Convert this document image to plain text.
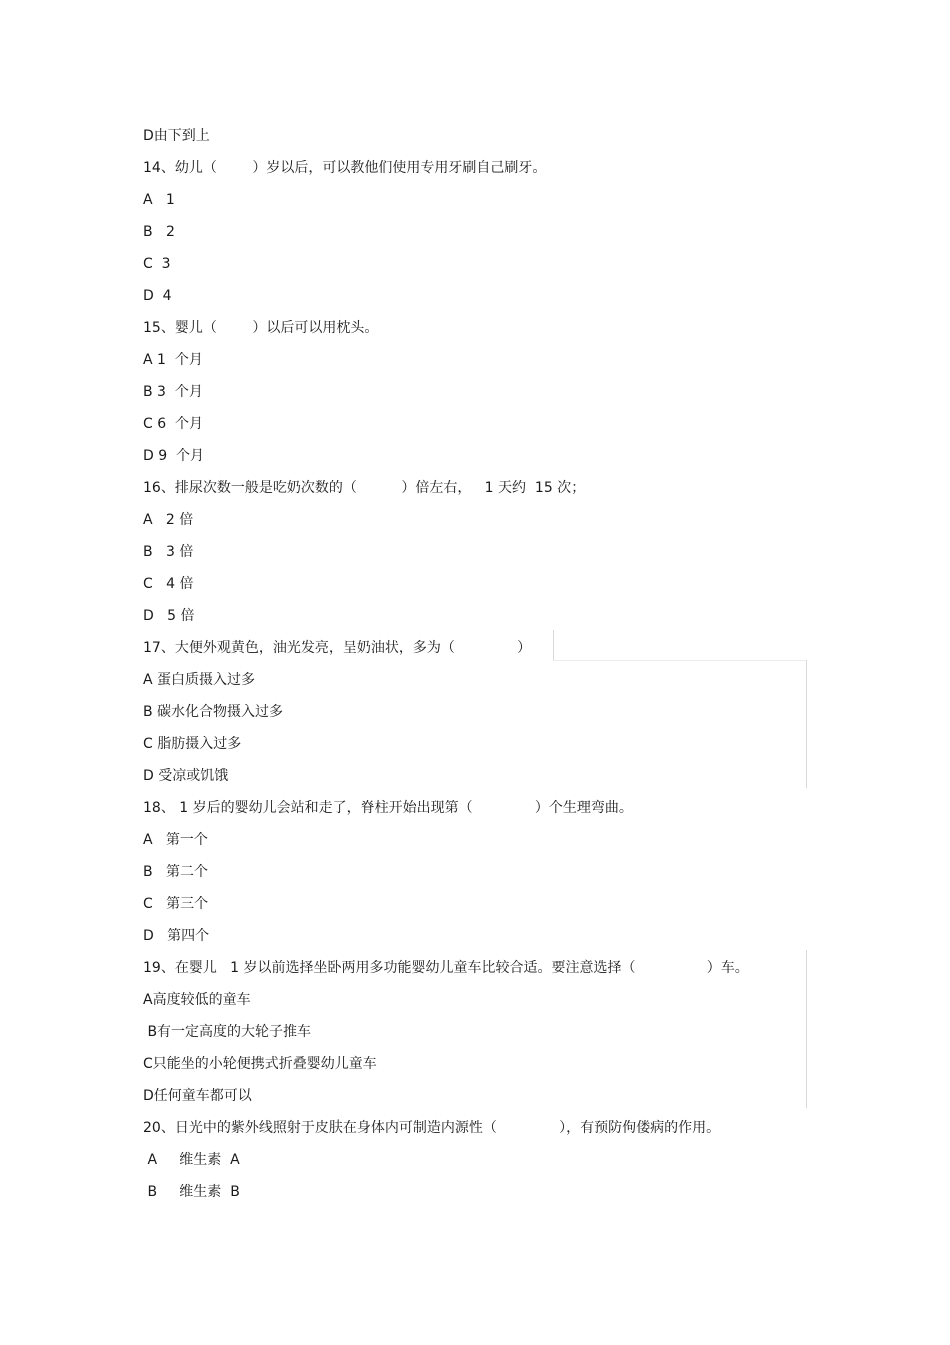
D由下到上
14、幼儿（        ）岁以后，可以教他们使用专用牙刷自己刷牙。
A   1
B   2
C  3
D  4
15、婴儿（        ）以后可以用枕头。
A 1  个月
B 3  个月
C 6  个月
D 9  个月
16、排尿次数一般是吃奶次数的（          ）倍左右，   1 天约  15 次；
A   2 倍
B   3 倍
C   4 倍
D   5 倍
17、大便外观黄色，油光发亮，呈奶油状，多为（              ）
A 蛋白质摄入过多
B 碳水化合物摄入过多
C 脂肪摄入过多
D 受凉或饥饿
18、 1 岁后的婴幼儿会站和走了，脊柱开始出现第（              ）个生理弯曲。
A   第一个
B   第二个
C   第三个
D   第四个
19、在婴儿   1 岁以前选择坐卧两用多功能婴幼儿童车比较合适。要注意选择（                ）车。
A高度较低的童车
B有一定高度的大轮子推车
C只能坐的小轮便携式折叠婴幼儿童车
D任何童车都可以
20、日光中的紫外线照射于皮肤在身体内可制造内源性（              ），有预防佝偻病的作用。
A     维生素  A
B     维生素  B
